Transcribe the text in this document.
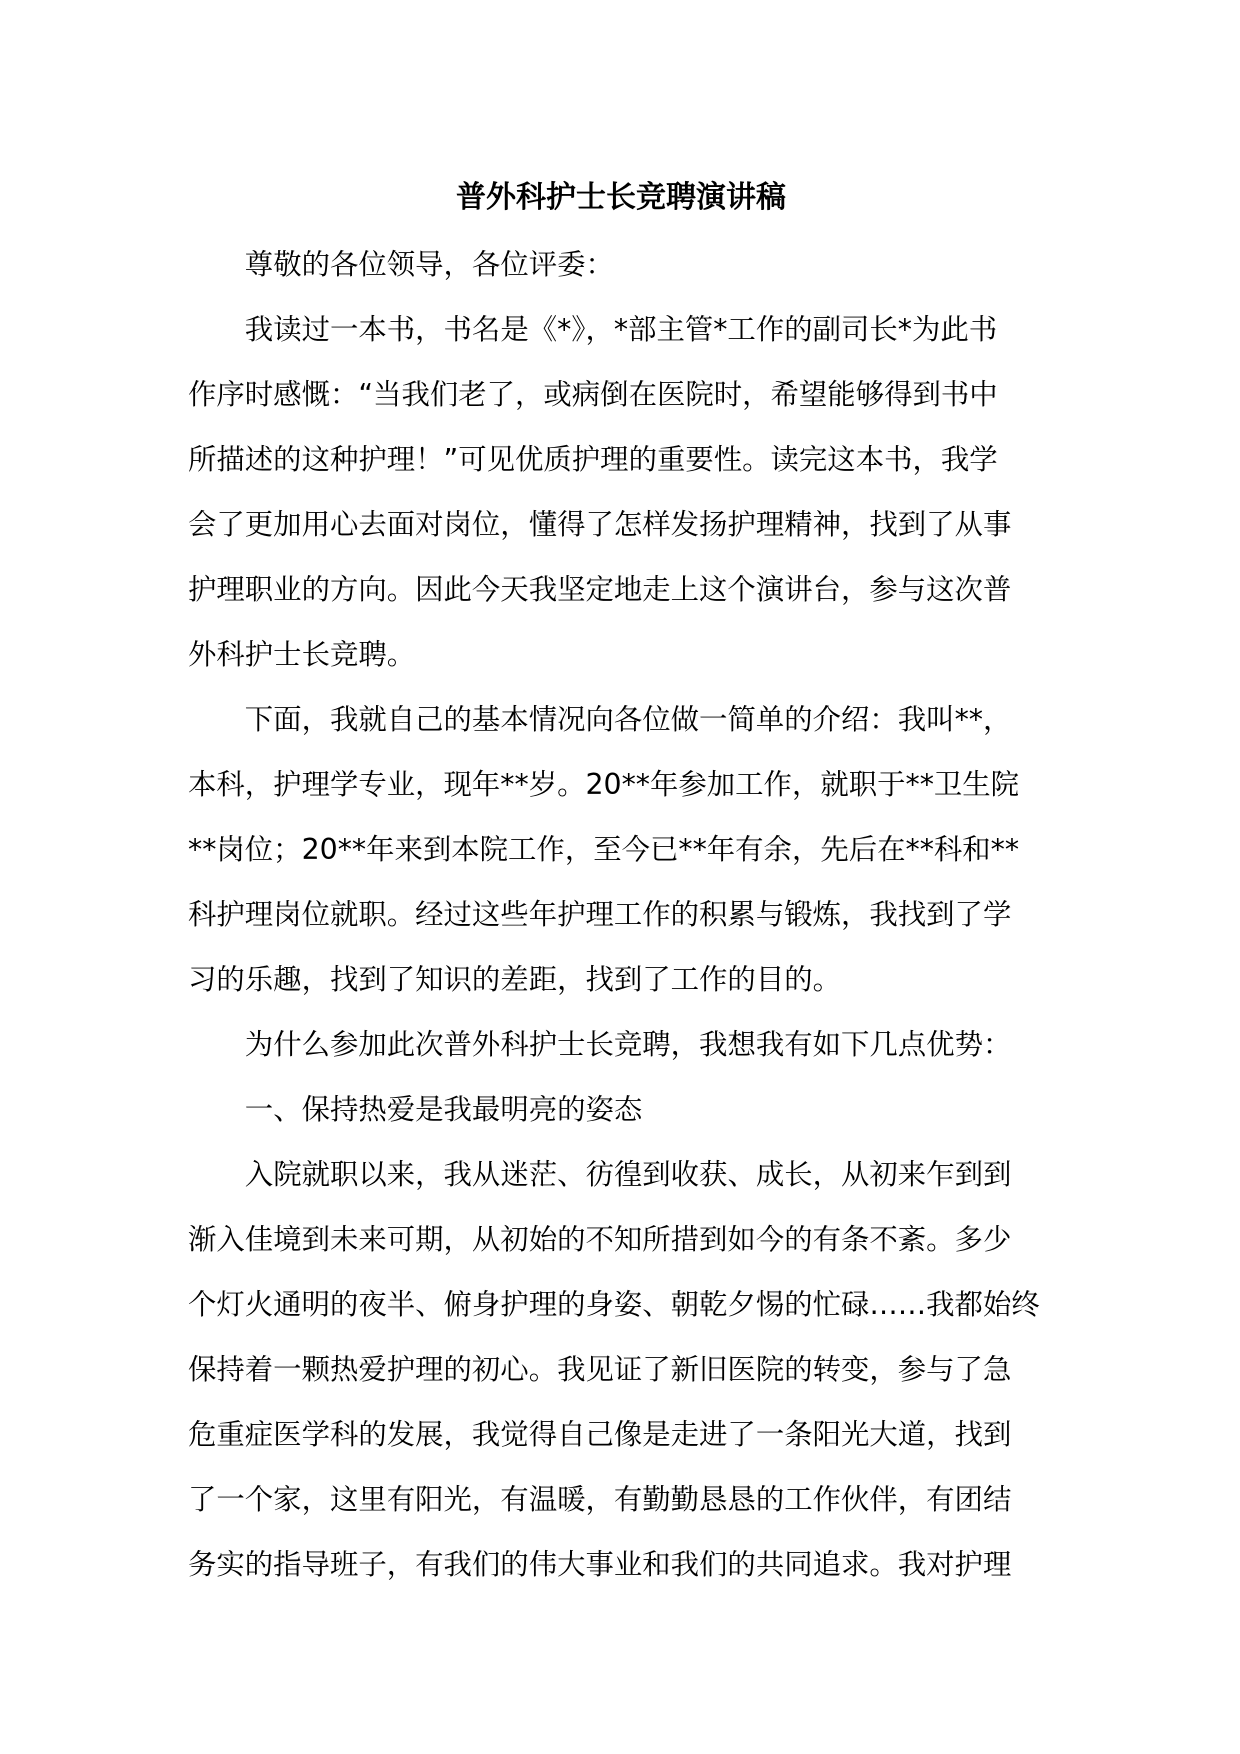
普外科护士长竞聘演讲稿

尊敬的各位领导，各位评委：

我读过一本书，书名是《*》，*部主管*工作的副司长*为此书
作序时感慨：“当我们老了，或病倒在医院时，希望能够得到书中
所描述的这种护理！”可见优质护理的重要性。读完这本书，我学
会了更加用心去面对岗位，懂得了怎样发扬护理精神，找到了从事
护理职业的方向。因此今天我坚定地走上这个演讲台，参与这次普
外科护士长竞聘。

下面，我就自己的基本情况向各位做一简单的介绍：我叫**，
本科，护理学专业，现年**岁。20**年参加工作，就职于**卫生院
**岗位；20**年来到本院工作，至今已**年有余，先后在**科和**
科护理岗位就职。经过这些年护理工作的积累与锻炼，我找到了学
习的乐趣，找到了知识的差距，找到了工作的目的。

为什么参加此次普外科护士长竞聘，我想我有如下几点优势：

一、保持热爱是我最明亮的姿态

入院就职以来，我从迷茫、彷徨到收获、成长，从初来乍到到
渐入佳境到未来可期，从初始的不知所措到如今的有条不紊。多少
个灯火通明的夜半、俯身护理的身姿、朝乾夕惕的忙碌……我都始终
保持着一颗热爱护理的初心。我见证了新旧医院的转变，参与了急
危重症医学科的发展，我觉得自己像是走进了一条阳光大道，找到
了一个家，这里有阳光，有温暖，有勤勤恳恳的工作伙伴，有团结
务实的指导班子，有我们的伟大事业和我们的共同追求。我对护理
